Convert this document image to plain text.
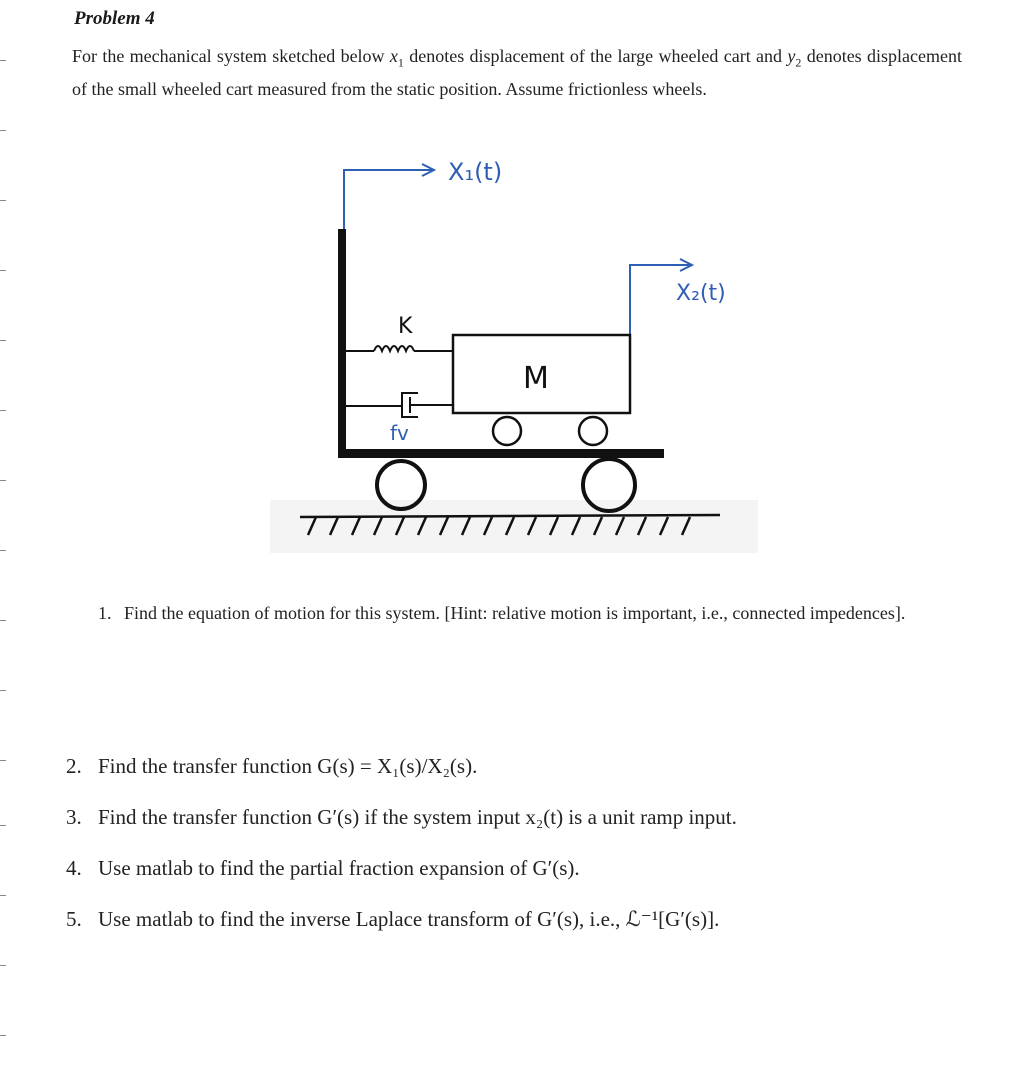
Problem 4
For the mechanical system sketched below $x_1$ denotes displacement of the large wheeled cart and $y_2$ denotes displacement of the small wheeled cart measured from the static position. Assume frictionless wheels.
X₁(t)
X₂(t)
M
K
fv
1. Find the equation of motion for this system. [Hint: relative motion is important, i.e., connected impedences].
2. Find the transfer function G(s) = X₁(s)/X₂(s).
3. Find the transfer function G′(s) if the system input x₂(t) is a unit ramp input.
4. Use matlab to find the partial fraction expansion of G′(s).
5. Use matlab to find the inverse Laplace transform of G′(s), i.e., ℒ⁻¹[G′(s)].
